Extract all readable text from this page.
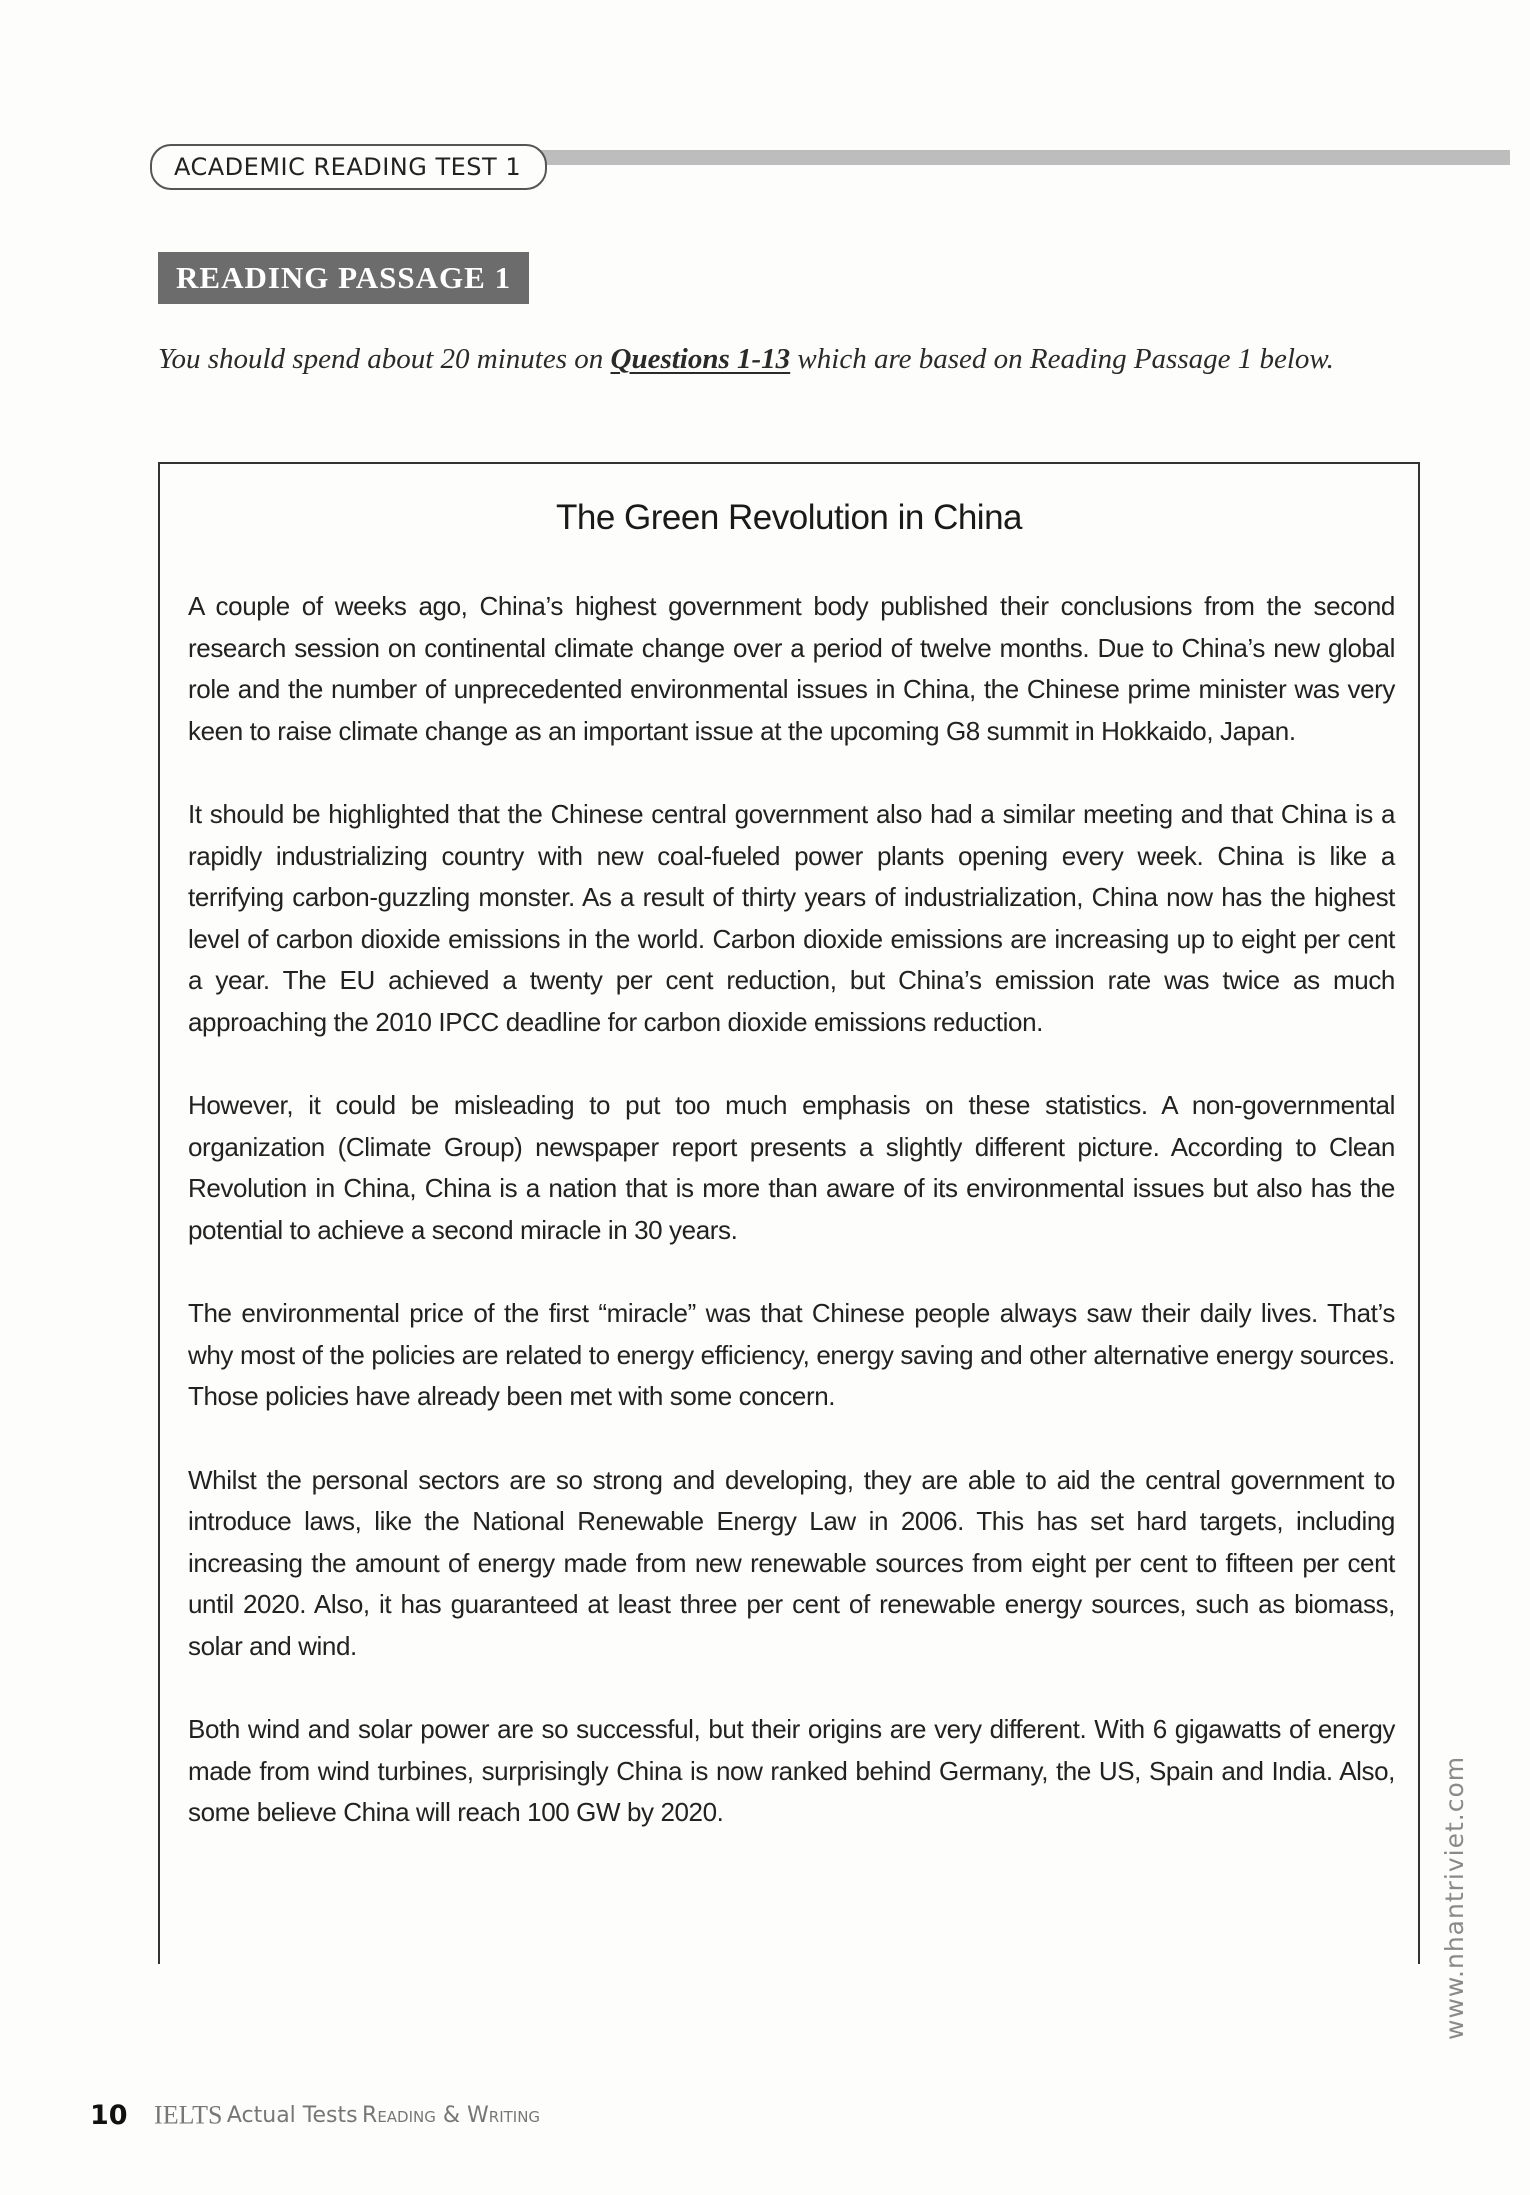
ACADEMIC READING TEST 1
READING PASSAGE 1
You should spend about 20 minutes on Questions 1-13 which are based on Reading Passage 1 below.
The Green Revolution in China

A couple of weeks ago, China’s highest government body published their conclusions from the second research session on continental climate change over a period of twelve months. Due to China’s new global role and the number of unprecedented environmental issues in China, the Chinese prime minister was very keen to raise climate change as an important issue at the upcoming G8 summit in Hokkaido, Japan.

It should be highlighted that the Chinese central government also had a similar meeting and that China is a rapidly industrializing country with new coal-fueled power plants opening every week. China is like a terrifying carbon-guzzling monster. As a result of thirty years of industrialization, China now has the highest level of carbon dioxide emissions in the world. Carbon dioxide emissions are increasing up to eight per cent a year. The EU achieved a twenty per cent reduction, but China’s emission rate was twice as much approaching the 2010 IPCC deadline for carbon dioxide emissions reduction.

However, it could be misleading to put too much emphasis on these statistics. A non-governmental organization (Climate Group) newspaper report presents a slightly different picture. According to Clean Revolution in China, China is a nation that is more than aware of its environmental issues but also has the potential to achieve a second miracle in 30 years.

The environmental price of the first “miracle” was that Chinese people always saw their daily lives. That’s why most of the policies are related to energy efficiency, energy saving and other alternative energy sources. Those policies have already been met with some concern.

Whilst the personal sectors are so strong and developing, they are able to aid the central government to introduce laws, like the National Renewable Energy Law in 2006. This has set hard targets, including increasing the amount of energy made from new renewable sources from eight per cent to fifteen per cent until 2020. Also, it has guaranteed at least three per cent of renewable energy sources, such as biomass, solar and wind.

Both wind and solar power are so successful, but their origins are very different. With 6 gigawatts of energy made from wind turbines, surprisingly China is now ranked behind Germany, the US, Spain and India. Also, some believe China will reach 100 GW by 2020.	www.nhantriviet.com
10 IELTS Actual Tests Reading & Writing
